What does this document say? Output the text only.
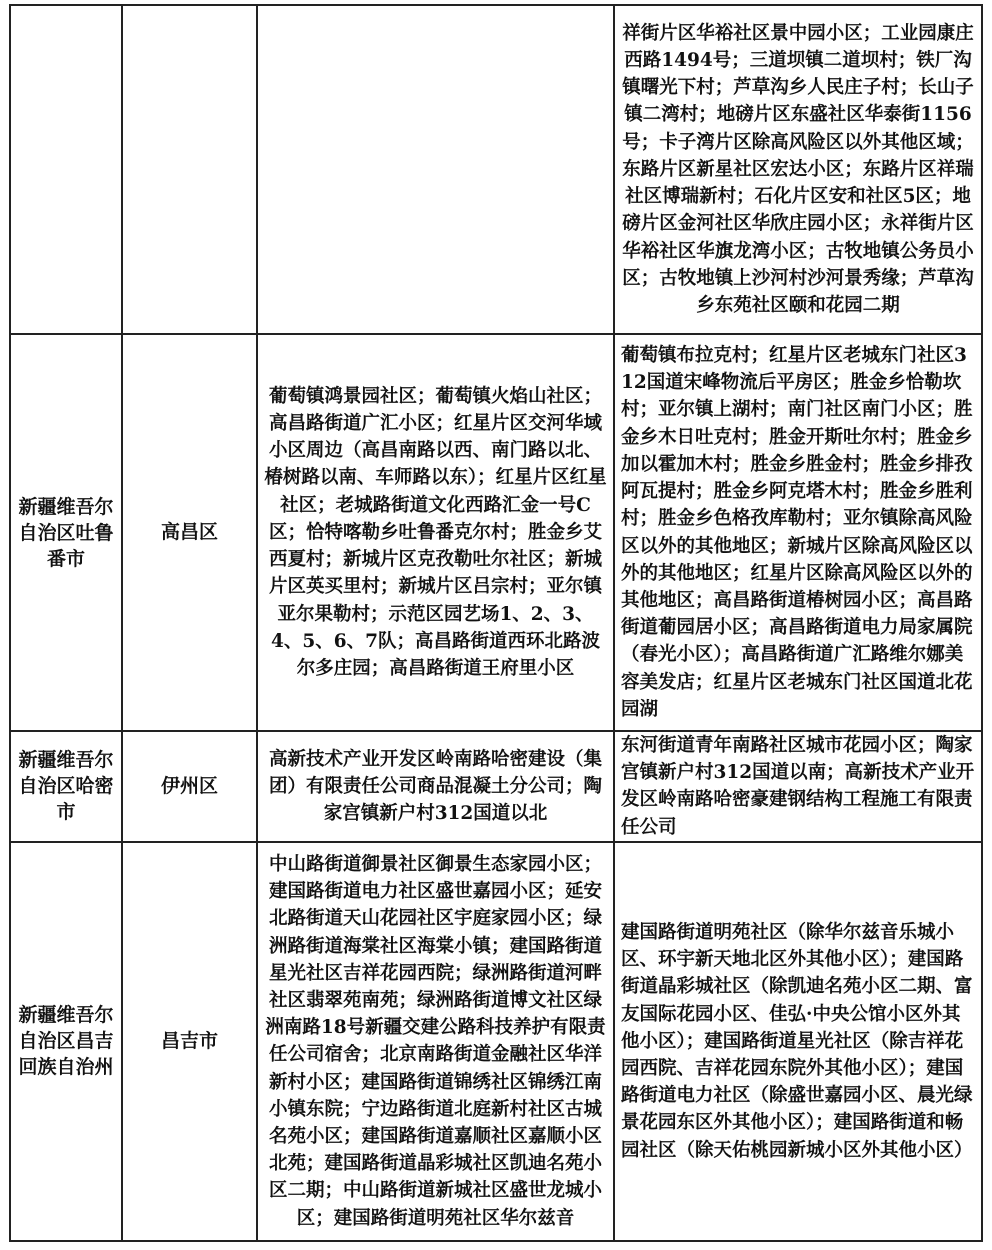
			祥街片区华裕社区景中园小区；工业园康庄西路1494号；三道坝镇二道坝村；铁厂沟镇曙光下村；芦草沟乡人民庄子村；长山子镇二湾村；地磅片区东盛社区华泰街1156号；卡子湾片区除高风险区以外其他区域；东路片区新星社区宏达小区；东路片区祥瑞社区博瑞新村；石化片区安和社区5区；地磅片区金河社区华欣庄园小区；永祥街片区华裕社区华旗龙湾小区；古牧地镇公务员小区；古牧地镇上沙河村沙河景秀缘；芦草沟乡东苑社区颐和花园二期

新疆维吾尔自治区吐鲁番市	高昌区	葡萄镇鸿景园社区；葡萄镇火焰山社区；高昌路街道广汇小区；红星片区交河华域小区周边（高昌南路以西、南门路以北、椿树路以南、车师路以东）；红星片区红星社区；老城路街道文化西路汇金一号C区；恰特喀勒乡吐鲁番克尔村；胜金乡艾西夏村；新城片区克孜勒吐尔社区；新城片区英买里村；新城片区吕宗村；亚尔镇亚尔果勒村；示范区园艺场1、2、3、4、5、6、7队；高昌路街道西环北路波尔多庄园；高昌路街道王府里小区	葡萄镇布拉克村；红星片区老城东门社区312国道宋峰物流后平房区；胜金乡恰勒坎村；亚尔镇上湖村；南门社区南门小区；胜金乡木日吐克村；胜金开斯吐尔村；胜金乡加以霍加木村；胜金乡胜金村；胜金乡排孜阿瓦提村；胜金乡阿克塔木村；胜金乡胜利村；胜金乡色格孜库勒村；亚尔镇除高风险区以外的其他地区；新城片区除高风险区以外的其他地区；红星片区除高风险区以外的其他地区；高昌路街道椿树园小区；高昌路街道葡园居小区；高昌路街道电力局家属院（春光小区）；高昌路街道广汇路维尔娜美容美发店；红星片区老城东门社区国道北花园湖

新疆维吾尔自治区哈密市	伊州区	高新技术产业开发区岭南路哈密建设（集团）有限责任公司商品混凝土分公司；陶家宫镇新户村312国道以北	东河街道青年南路社区城市花园小区；陶家宫镇新户村312国道以南；高新技术产业开发区岭南路哈密豪建钢结构工程施工有限责任公司

新疆维吾尔自治区昌吉回族自治州	昌吉市	中山路街道御景社区御景生态家园小区；建国路街道电力社区盛世嘉园小区；延安北路街道天山花园社区宇庭家园小区；绿洲路街道海棠社区海棠小镇；建国路街道星光社区吉祥花园西院；绿洲路街道河畔社区翡翠苑南苑；绿洲路街道博文社区绿洲南路18号新疆交建公路科技养护有限责任公司宿舍；北京南路街道金融社区华洋新村小区；建国路街道锦绣社区锦绣江南小镇东院；宁边路街道北庭新村社区古城名苑小区；建国路街道嘉顺社区嘉顺小区北苑；建国路街道晶彩城社区凯迪名苑小区二期；中山路街道新城社区盛世龙城小区；建国路街道明苑社区华尔兹音	建国路街道明苑社区（除华尔兹音乐城小区、环宇新天地北区外其他小区）；建国路街道晶彩城社区（除凯迪名苑小区二期、富友国际花园小区、佳弘·中央公馆小区外其他小区）；建国路街道星光社区（除吉祥花园西院、吉祥花园东院外其他小区）；建国路街道电力社区（除盛世嘉园小区、晨光绿景花园东区外其他小区）；建国路街道和畅园社区（除天佑桃园新城小区外其他小区）
